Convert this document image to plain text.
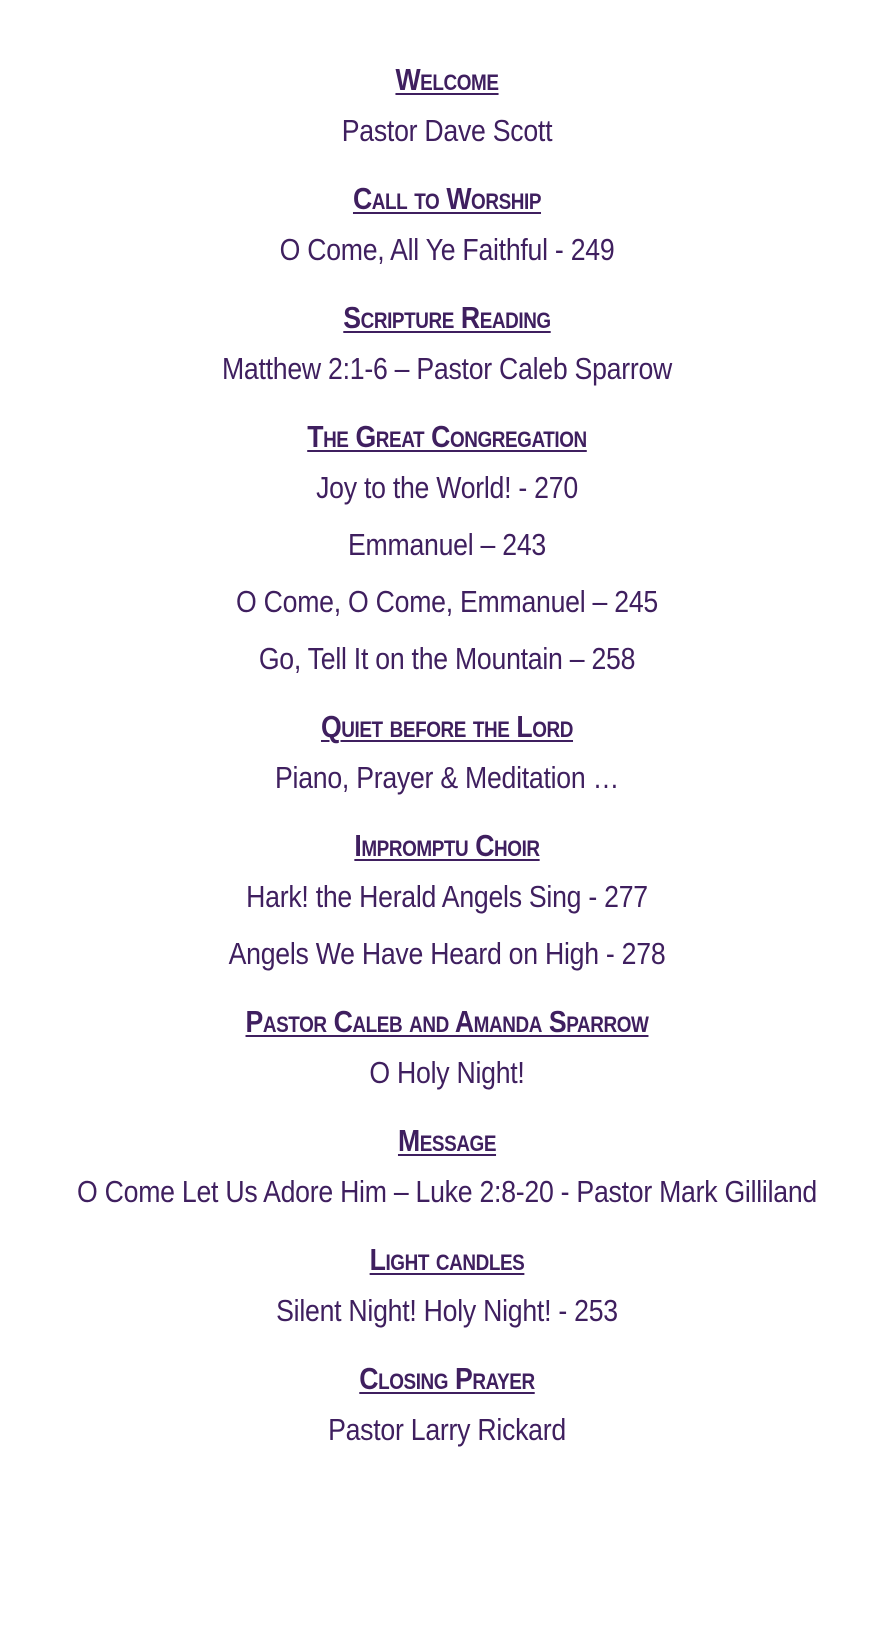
Welcome
Pastor Dave Scott
Call to Worship
O Come, All Ye Faithful - 249
Scripture Reading
Matthew 2:1-6 – Pastor Caleb Sparrow
The Great Congregation
Joy to the World! - 270
Emmanuel – 243
O Come, O Come, Emmanuel – 245
Go, Tell It on the Mountain – 258
Quiet before the Lord
Piano, Prayer & Meditation …
Impromptu Choir
Hark! the Herald Angels Sing - 277
Angels We Have Heard on High - 278
Pastor Caleb and Amanda Sparrow
O Holy Night!
Message
O Come Let Us Adore Him – Luke 2:8-20 - Pastor Mark Gilliland
Light candles
Silent Night! Holy Night! - 253
Closing Prayer
Pastor Larry Rickard
